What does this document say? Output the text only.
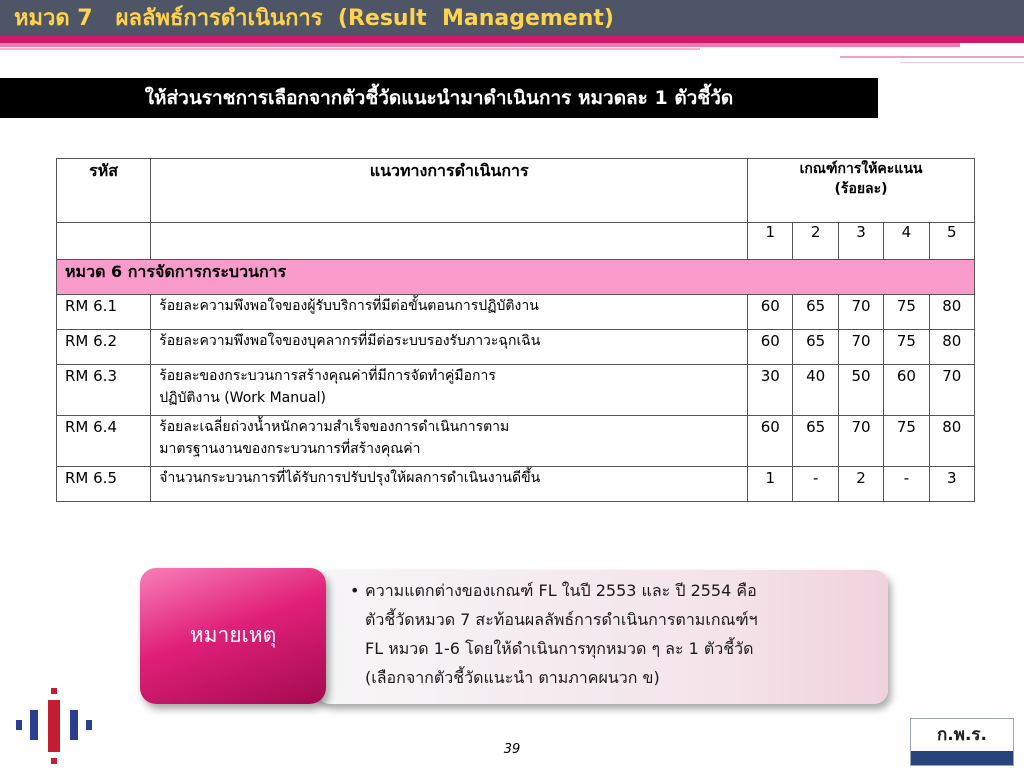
หมวด 7   ผลลัพธ์การดำเนินการ  (Result  Management)
ให้ส่วนราชการเลือกจากตัวชี้วัดแนะนำมาดำเนินการ หมวดละ 1 ตัวชี้วัด
รหัส	แนวทางการดำเนินการ	เกณฑ์การให้คะแนน
(ร้อยละ)				
		1	2	3	4	5
หมวด 6 การจัดการกระบวนการ						
RM 6.1	ร้อยละความพึงพอใจของผู้รับบริการที่มีต่อขั้นตอนการปฏิบัติงาน	60	65	70	75	80
RM 6.2	ร้อยละความพึงพอใจของบุคลากรที่มีต่อระบบรองรับภาวะฉุกเฉิน	60	65	70	75	80
RM 6.3	ร้อยละของกระบวนการสร้างคุณค่าที่มีการจัดทำคู่มือการ
ปฏิบัติงาน (Work Manual)	30	40	50	60	70
RM 6.4	ร้อยละเฉลี่ยถ่วงน้ำหนักความสำเร็จของการดำเนินการตาม
มาตรฐานงานของกระบวนการที่สร้างคุณค่า	60	65	70	75	80
RM 6.5	จำนวนกระบวนการที่ได้รับการปรับปรุงให้ผลการดำเนินงานดีขึ้น	1	-	2	-	3
หมายเหตุ
• ความแตกต่างของเกณฑ์ FL ในปี 2553 และ ปี 2554 คือ
ตัวชี้วัดหมวด 7 สะท้อนผลลัพธ์การดำเนินการตามเกณฑ์ฯ
FL หมวด 1-6 โดยให้ดำเนินการทุกหมวด ๆ ละ 1 ตัวชี้วัด
(เลือกจากตัวชี้วัดแนะนำ ตามภาคผนวก ข)
39
ก.พ.ร.
